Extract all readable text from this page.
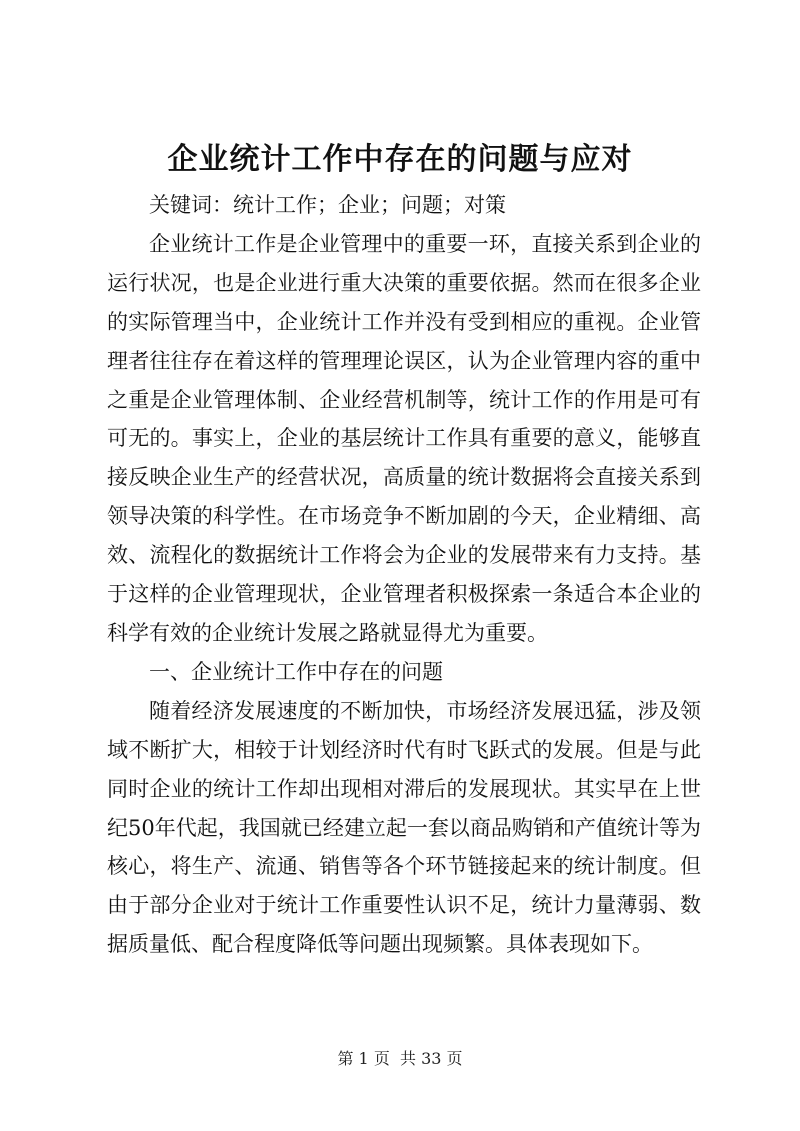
企业统计工作中存在的问题与应对

关键词：统计工作；企业；问题；对策

企业统计工作是企业管理中的重要一环，直接关系到企业的运行状况，也是企业进行重大决策的重要依据。然而在很多企业的实际管理当中，企业统计工作并没有受到相应的重视。企业管理者往往存在着这样的管理理论误区，认为企业管理内容的重中之重是企业管理体制、企业经营机制等，统计工作的作用是可有可无的。事实上，企业的基层统计工作具有重要的意义，能够直接反映企业生产的经营状况，高质量的统计数据将会直接关系到领导决策的科学性。在市场竞争不断加剧的今天，企业精细、高效、流程化的数据统计工作将会为企业的发展带来有力支持。基于这样的企业管理现状，企业管理者积极探索一条适合本企业的科学有效的企业统计发展之路就显得尤为重要。

一、企业统计工作中存在的问题

随着经济发展速度的不断加快，市场经济发展迅猛，涉及领域不断扩大，相较于计划经济时代有时飞跃式的发展。但是与此同时企业的统计工作却出现相对滞后的发展现状。其实早在上世纪50年代起，我国就已经建立起一套以商品购销和产值统计等为核心，将生产、流通、销售等各个环节链接起来的统计制度。但由于部分企业对于统计工作重要性认识不足，统计力量薄弱、数据质量低、配合程度降低等问题出现频繁。具体表现如下。

第 1 页  共 33 页
